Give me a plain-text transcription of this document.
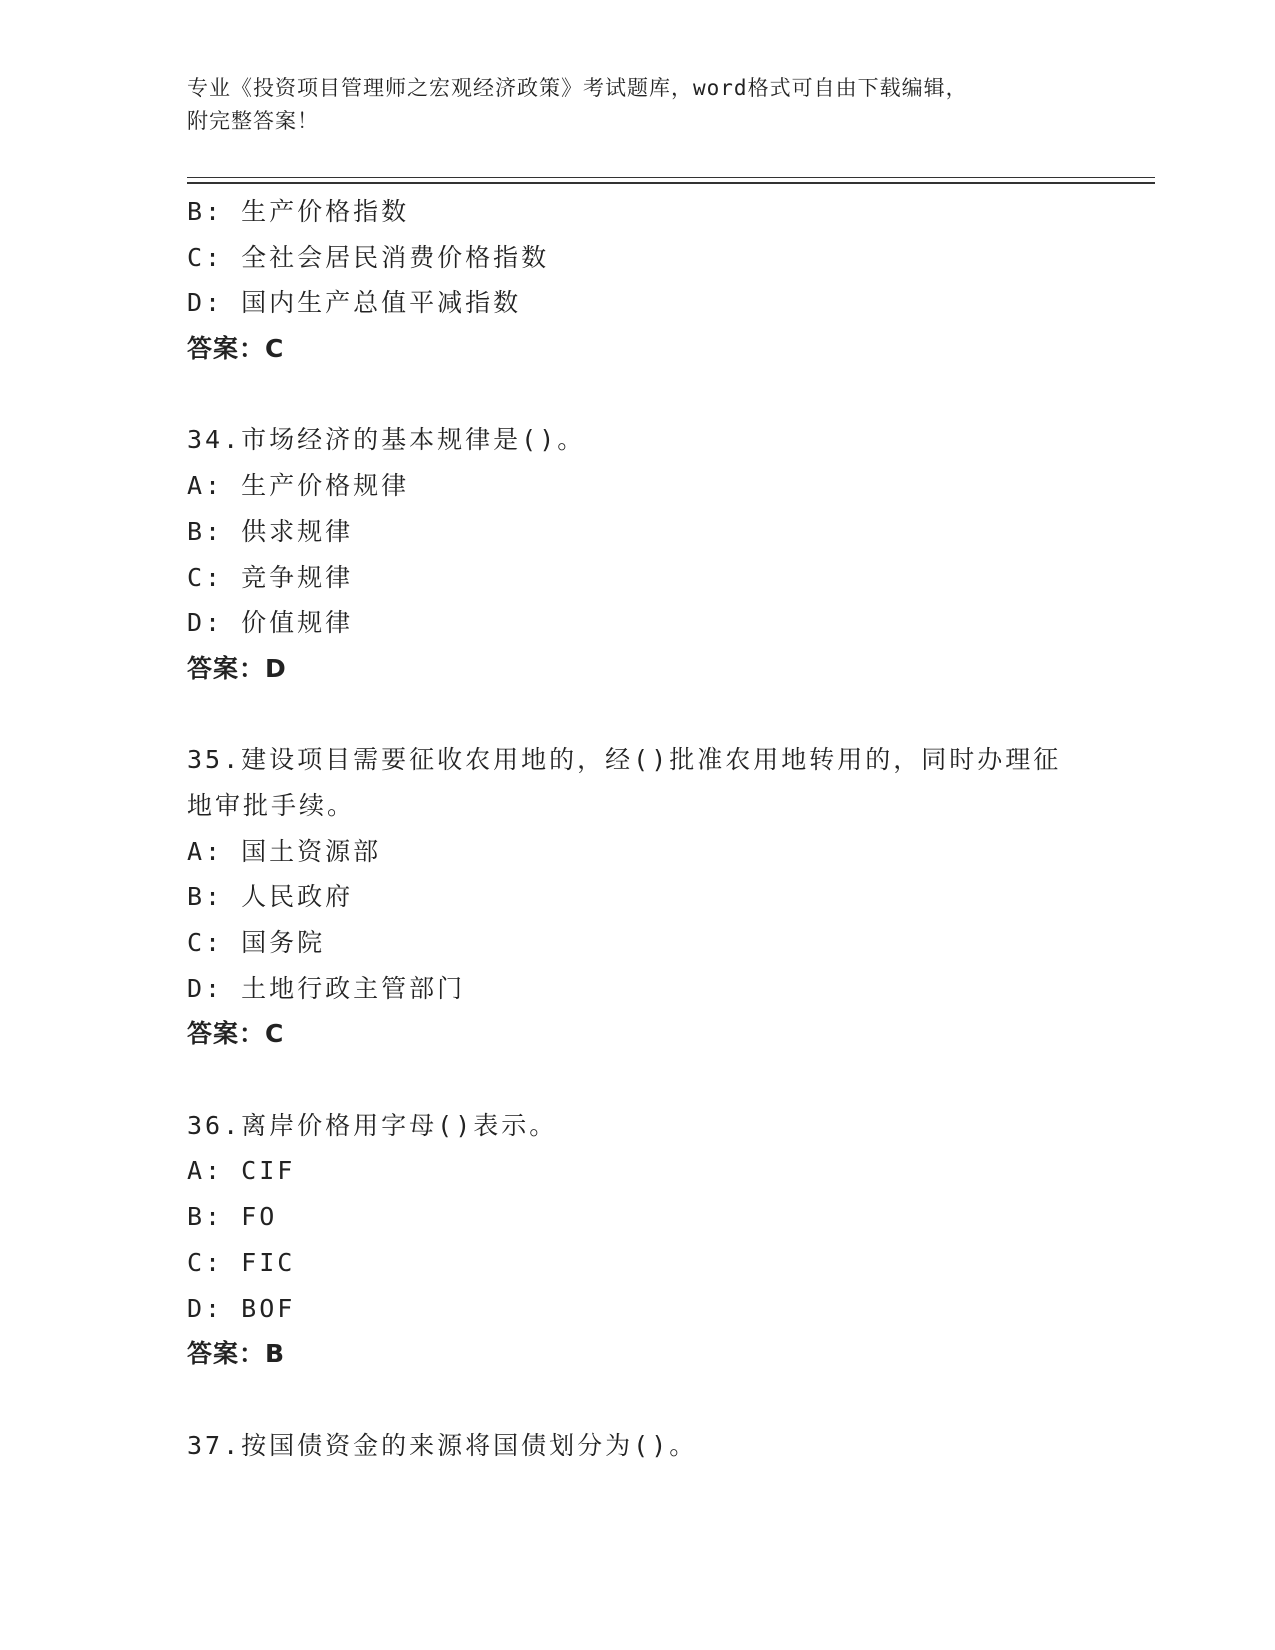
专业《投资项目管理师之宏观经济政策》考试题库，word格式可自由下载编辑，
附完整答案！
B: 生产价格指数
C: 全社会居民消费价格指数
D: 国内生产总值平减指数
答案：C
34.市场经济的基本规律是()。
A: 生产价格规律
B: 供求规律
C: 竞争规律
D: 价值规律
答案：D
35.建设项目需要征收农用地的，经()批准农用地转用的，同时办理征
地审批手续。
A: 国土资源部
B: 人民政府
C: 国务院
D: 土地行政主管部门
答案：C
36.离岸价格用字母()表示。
A: CIF
B: FO
C: FIC
D: BOF
答案：B
37.按国债资金的来源将国债划分为()。
